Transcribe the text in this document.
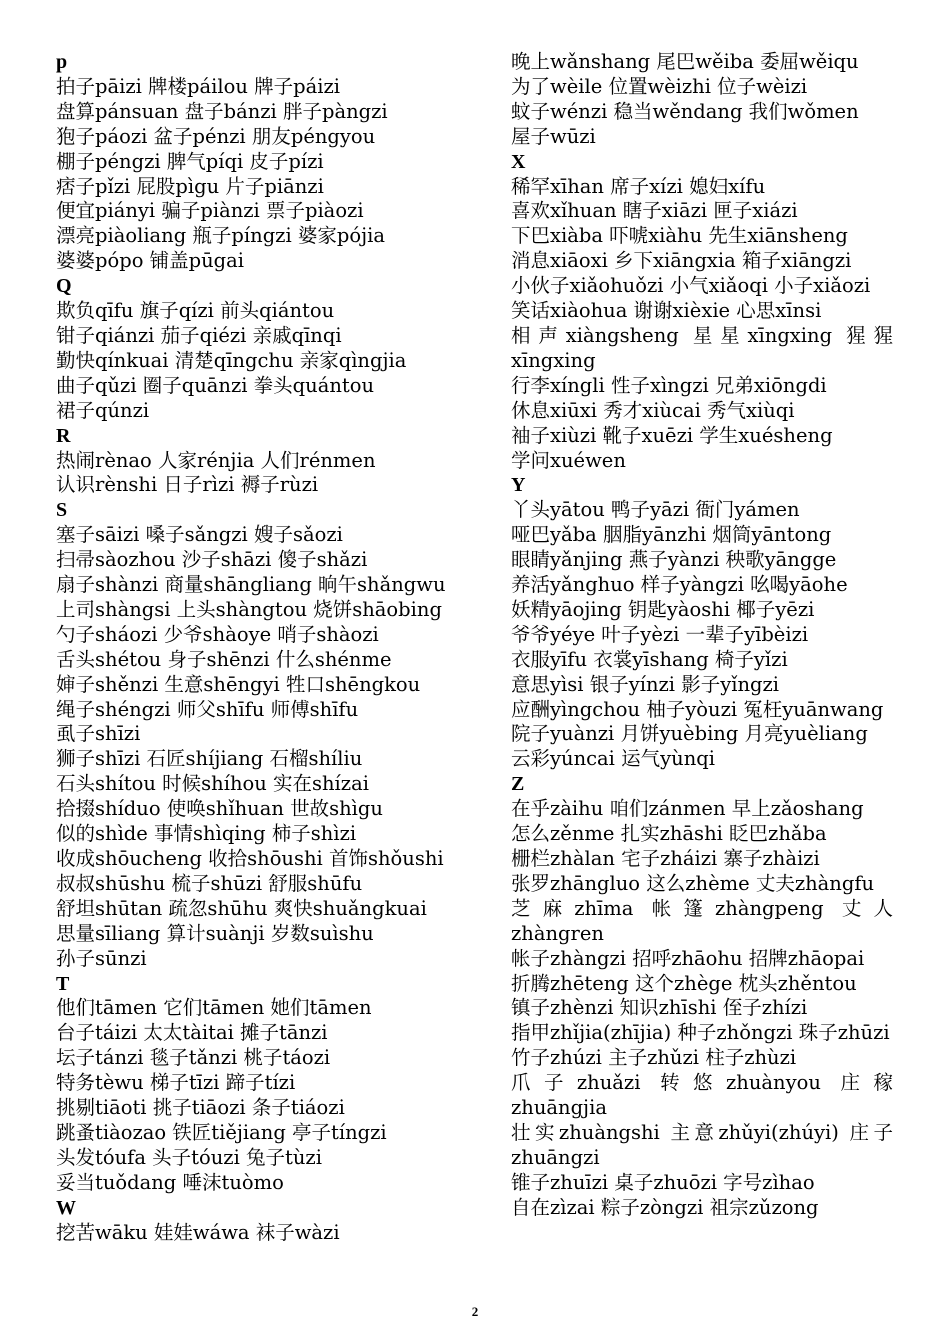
p
拍子pāizi 牌楼páilou 牌子páizi
盘算pánsuan 盘子bánzi 胖子pàngzi
狍子páozi 盆子pénzi 朋友péngyou
棚子péngzi 脾气píqi 皮子pízi
痞子pǐzi 屁股pìgu 片子piānzi
便宜piányi 骗子piànzi 票子piàozi
漂亮piàoliang 瓶子píngzi 婆家pójia
婆婆pópo 铺盖pūgai
Q
欺负qīfu 旗子qízi 前头qiántou
钳子qiánzi 茄子qiézi 亲戚qīnqi
勤快qínkuai 清楚qīngchu 亲家qìngjia
曲子qǔzi 圈子quānzi 拳头quántou
裙子qúnzi
R
热闹rènao 人家rénjia 人们rénmen
认识rènshi 日子rìzi 褥子rùzi
S
塞子sāizi 嗓子sǎngzi 嫂子sǎozi
扫帚sàozhou 沙子shāzi 傻子shǎzi
扇子shànzi 商量shāngliang 晌午shǎngwu
上司shàngsi 上头shàngtou 烧饼shāobing
勺子sháozi 少爷shàoye 哨子shàozi
舌头shétou 身子shēnzi 什么shénme
婶子shěnzi 生意shēngyi 牲口shēngkou
绳子shéngzi 师父shīfu 师傅shīfu
虱子shīzi
狮子shīzi 石匠shíjiang 石榴shíliu
石头shítou 时候shíhou 实在shízai
拾掇shíduo 使唤shǐhuan 世故shìgu
似的shìde 事情shìqing 柿子shìzi
收成shōucheng 收拾shōushi 首饰shǒushi
叔叔shūshu 梳子shūzi 舒服shūfu
舒坦shūtan 疏忽shūhu 爽快shuǎngkuai
思量sīliang 算计suànji 岁数suìshu
孙子sūnzi
T
他们tāmen 它们tāmen 她们tāmen
台子táizi 太太tàitai 摊子tānzi
坛子tánzi 毯子tǎnzi 桃子táozi
特务tèwu 梯子tīzi 蹄子tízi
挑剔tiāoti 挑子tiāozi 条子tiáozi
跳蚤tiàozao 铁匠tiějiang 亭子tíngzi
头发tóufa 头子tóuzi 兔子tùzi
妥当tuǒdang 唾沫tuòmo
W
挖苦wāku 娃娃wáwa 袜子wàzi
晚上wǎnshang 尾巴wěiba 委屈wěiqu
为了wèile 位置wèizhi 位子wèizi
蚊子wénzi 稳当wěndang 我们wǒmen
屋子wūzi
X
稀罕xīhan 席子xízi 媳妇xífu
喜欢xǐhuan 瞎子xiāzi 匣子xiázi
下巴xiàba 吓唬xiàhu 先生xiānsheng
消息xiāoxi 乡下xiāngxia 箱子xiāngzi
小伙子xiǎohuǒzi 小气xiǎoqi 小子xiǎozi
笑话xiàohua 谢谢xièxie 心思xīnsi
相声xiàngsheng 星星xīngxing 猩猩xīngxing
行李xíngli 性子xìngzi 兄弟xiōngdi
休息xiūxi 秀才xiùcai 秀气xiùqi
袖子xiùzi 靴子xuēzi 学生xuésheng
学问xuéwen
Y
丫头yātou 鸭子yāzi 衙门yámen
哑巴yǎba 胭脂yānzhi 烟筒yāntong
眼睛yǎnjing 燕子yànzi 秧歌yāngge
养活yǎnghuo 样子yàngzi 吆喝yāohe
妖精yāojing 钥匙yàoshi 椰子yēzi
爷爷yéye 叶子yèzi 一辈子yībèizi
衣服yīfu 衣裳yīshang 椅子yǐzi
意思yìsi 银子yínzi 影子yǐngzi
应酬yìngchou 柚子yòuzi 冤枉yuānwang
院子yuànzi 月饼yuèbing 月亮yuèliang
云彩yúncai 运气yùnqi
Z
在乎zàihu 咱们zánmen 早上zǎoshang
怎么zěnme 扎实zhāshi 眨巴zhǎba
栅栏zhàlan 宅子zháizi 寨子zhàizi
张罗zhāngluo 这么zhème 丈夫zhàngfu
芝麻zhīma 帐篷zhàngpeng 丈人zhàngren
帐子zhàngzi 招呼zhāohu 招牌zhāopai
折腾zhēteng 这个zhège 枕头zhěntou
镇子zhènzi 知识zhīshi 侄子zhízi
指甲zhǐjia(zhījia) 种子zhǒngzi 珠子zhūzi
竹子zhúzi 主子zhǔzi 柱子zhùzi
爪子zhuǎzi 转悠zhuànyou 庄稼zhuāngjia
壮实zhuàngshi 主意zhǔyi(zhúyi) 庄子zhuāngzi
锥子zhuīzi 桌子zhuōzi 字号zìhao
自在zìzai 粽子zòngzi 祖宗zǔzong
2
